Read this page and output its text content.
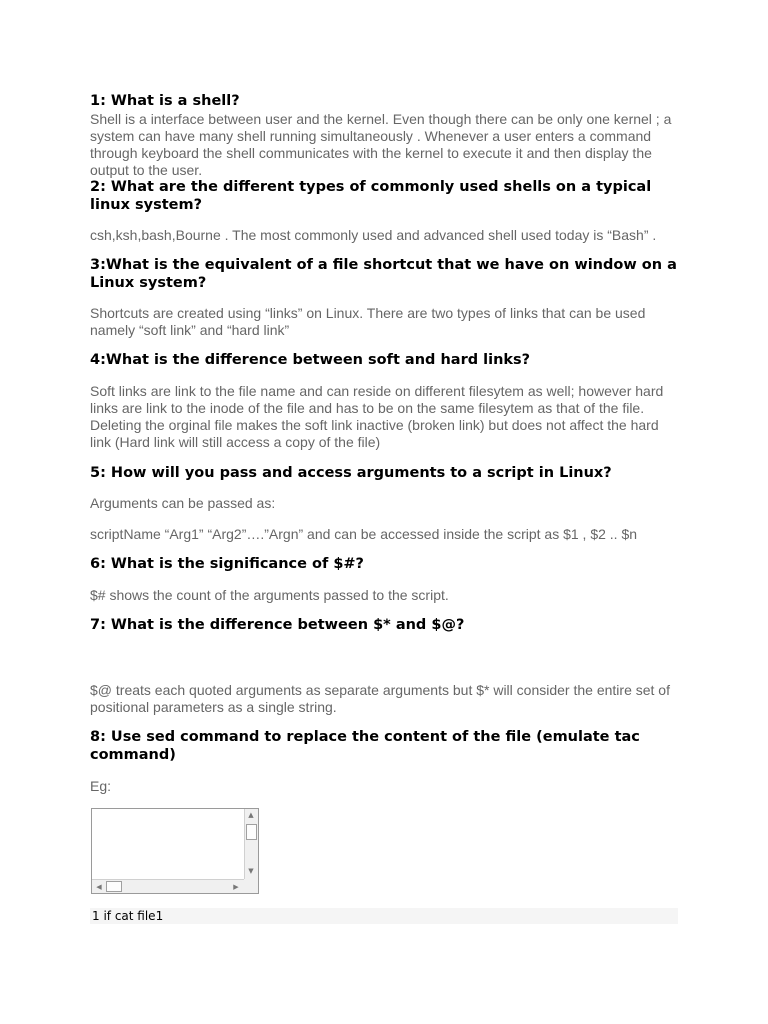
1: What is a shell?

Shell is a interface between user and the kernel. Even though there can be only one kernel ; a system can have many shell running simultaneously . Whenever a user enters a command through keyboard the shell communicates with the kernel to execute it and then display the output to the user.

2: What are the different types of commonly used shells on a typical linux system?

csh,ksh,bash,Bourne . The most commonly used and advanced shell used today is “Bash” .

3:What is the equivalent of a file shortcut that we have on window on a Linux system?

Shortcuts are created using “links” on Linux. There are two types of links that can be used namely “soft link” and “hard link”

4:What is the difference between soft and hard links?

Soft links are link to the file name and can reside on different filesytem as well; however hard links are link to the inode of the file and has to be on the same filesytem as that of the file. Deleting the orginal file makes the soft link inactive (broken link) but does not affect the hard link (Hard link will still access a copy of the file)

5: How will you pass and access arguments to a script in Linux?

Arguments can be passed as:

scriptName “Arg1” “Arg2”….”Argn” and can be accessed inside the script as $1 , $2 .. $n

6: What is the significance of $#?

$# shows the count of the arguments passed to the script.

7: What is the difference between $* and $@?

$@ treats each quoted arguments as separate arguments but $* will consider the entire set of positional parameters as a single string.

8: Use sed command to replace the content of the file (emulate tac command)

Eg:

▲
▼
◀	▶
1 if cat file1
